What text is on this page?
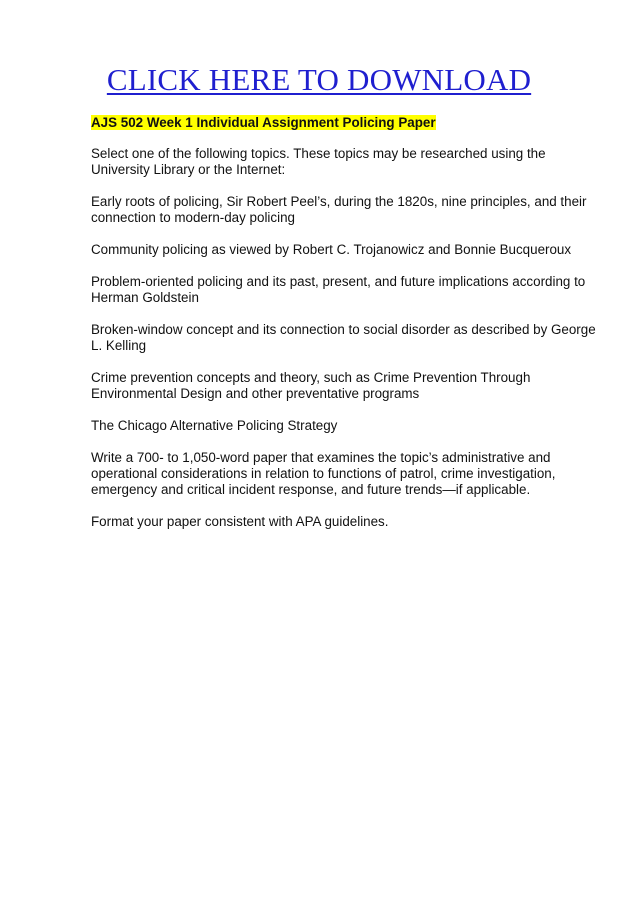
CLICK HERE TO DOWNLOAD

AJS 502 Week 1 Individual Assignment Policing Paper

Select one of the following topics. These topics may be researched using the University Library or the Internet:

Early roots of policing, Sir Robert Peel’s, during the 1820s, nine principles, and their connection to modern-day policing

Community policing as viewed by Robert C. Trojanowicz and Bonnie Bucqueroux

Problem-oriented policing and its past, present, and future implications according to Herman Goldstein

Broken-window concept and its connection to social disorder as described by George L. Kelling

Crime prevention concepts and theory, such as Crime Prevention Through Environmental Design and other preventative programs

The Chicago Alternative Policing Strategy

Write a 700- to 1,050-word paper that examines the topic’s administrative and operational considerations in relation to functions of patrol, crime investigation, emergency and critical incident response, and future trends—if applicable.

Format your paper consistent with APA guidelines.
